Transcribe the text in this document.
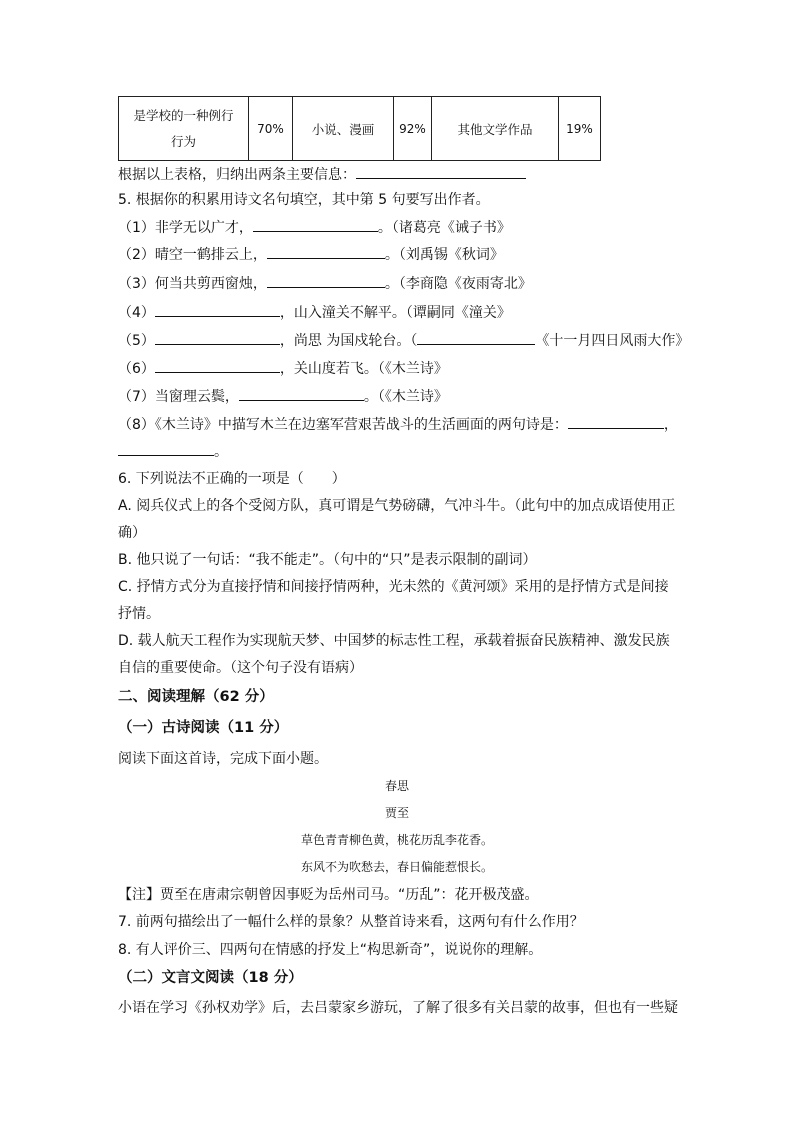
是学校的一种例行
行为
	70%	小说、漫画	92%	其他文学作品	19%
根据以上表格，归纳出两条主要信息：
5. 根据你的积累用诗文名句填空，其中第 5 句要写出作者。
（1）非学无以广才，	。（诸葛亮《诫子书》
（2）晴空一鹤排云上，	。（刘禹锡《秋词》
（3）何当共剪西窗烛，	。（李商隐《夜雨寄北》
（4）	，山入潼关不解平。（谭嗣同《潼关》
（5）	，尚思 为国戍轮台。（	《十一月四日风雨大作》
（6）	，关山度若飞。（《木兰诗》
（7）当窗理云鬓，	。（《木兰诗》
（8）《木兰诗》中描写木兰在边塞军营艰苦战斗的生活画面的两句诗是：	，
。
6. 下列说法不正确的一项是（　　）
A. 阅兵仪式上的各个受阅方队，真可谓是气势磅礴，气冲斗牛。（此句中的加点成语使用正
确）
B. 他只说了一句话：“我不能走”。（句中的“只”是表示限制的副词）
C. 抒情方式分为直接抒情和间接抒情两种，光未然的《黄河颂》采用的是抒情方式是间接
抒情。
D. 载人航天工程作为实现航天梦、中国梦的标志性工程，承载着振奋民族精神、激发民族
自信的重要使命。（这个句子没有语病）
二、阅读理解（62 分）
（一）古诗阅读（11 分）
阅读下面这首诗，完成下面小题。
春思
贾至
草色青青柳色黄，桃花历乱李花香。
东风不为吹愁去，春日偏能惹恨长。
【注】贾至在唐肃宗朝曾因事贬为岳州司马。“历乱”：花开极茂盛。
7. 前两句描绘出了一幅什么样的景象？从整首诗来看，这两句有什么作用？
8. 有人评价三、四两句在情感的抒发上“构思新奇”，说说你的理解。
（二）文言文阅读（18 分）
小语在学习《孙权劝学》后，去吕蒙家乡游玩，了解了很多有关吕蒙的故事，但也有一些疑
